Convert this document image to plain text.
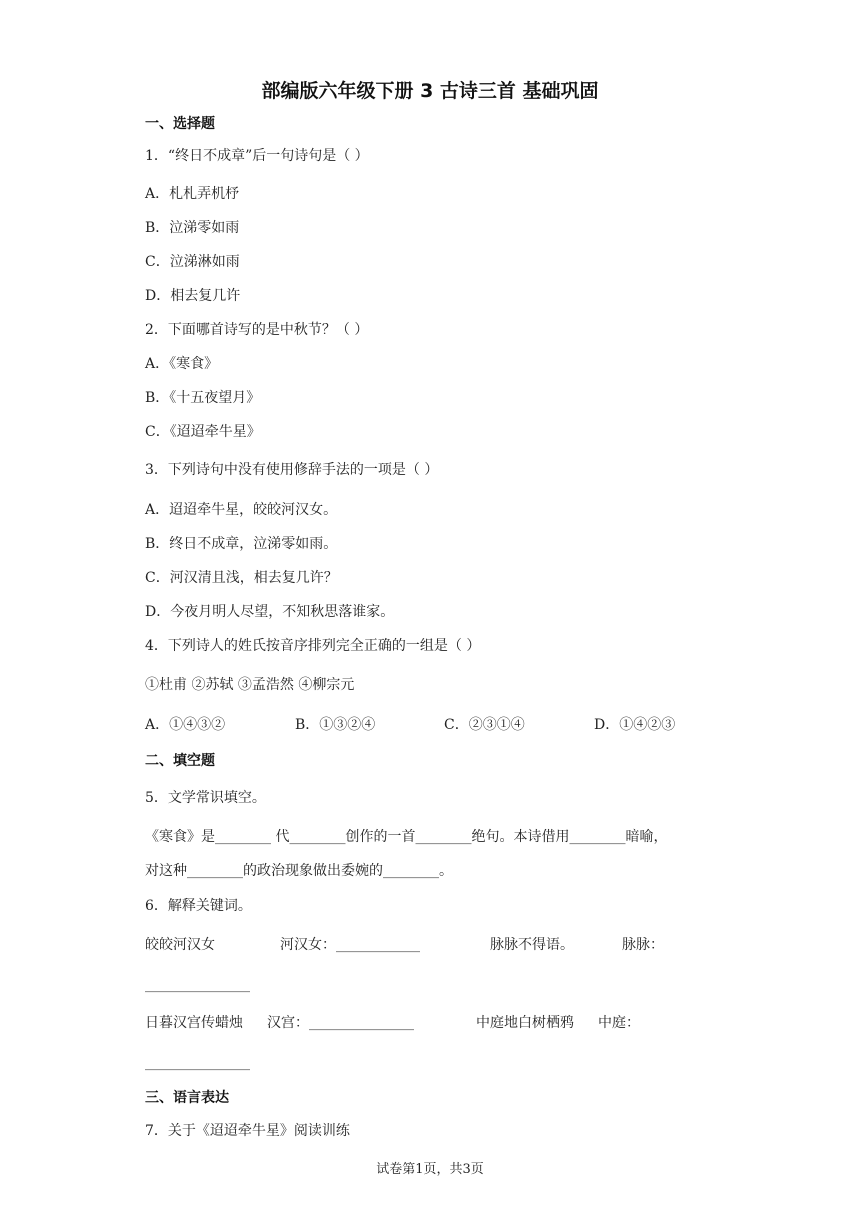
部编版六年级下册 3 古诗三首 基础巩固
一、选择题
1．“终日不成章”后一句诗句是（ ）
A．札札弄机杼
B．泣涕零如雨
C．泣涕淋如雨
D．相去复几许
2．下面哪首诗写的是中秋节？（ ）
A．《寒食》
B．《十五夜望月》
C．《迢迢牵牛星》
3．下列诗句中没有使用修辞手法的一项是（ ）
A．迢迢牵牛星，皎皎河汉女。
B．终日不成章，泣涕零如雨。
C．河汉清且浅，相去复几许？
D．今夜月明人尽望，不知秋思落谁家。
4．下列诗人的姓氏按音序排列完全正确的一组是（ ）
①杜甫 ②苏轼 ③孟浩然 ④柳宗元
A．①④③②	B．①③②④	C．②③①④	D．①④②③
二、填空题
5．文学常识填空。
《寒食》是________ 代________创作的一首________绝句。本诗借用________暗喻，
对这种________的政治现象做出委婉的________。
6．解释关键词。
皎皎河汉女	河汉女：____________	脉脉不得语。	脉脉：
_______________
日暮汉宫传蜡烛 汉宫：_______________	中庭地白树栖鸦 中庭：
_______________
三、语言表达
7．关于《迢迢牵牛星》阅读训练
试卷第1页，共3页
